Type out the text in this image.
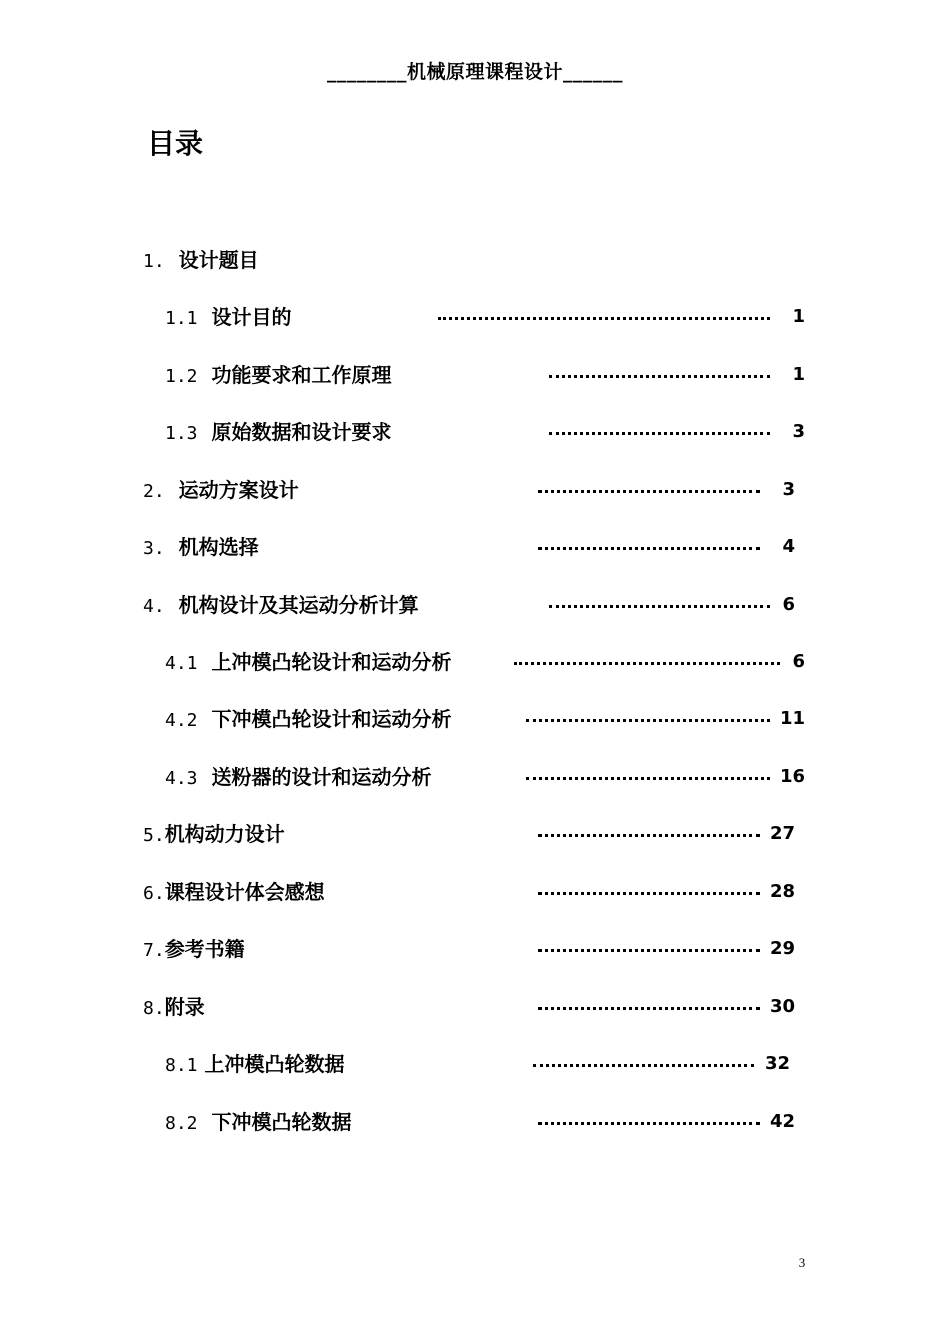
________机械原理课程设计______
目录
1. 设计题目
1.1 设计目的	1
1.2 功能要求和工作原理	1
1.3 原始数据和设计要求	3
2. 运动方案设计	3
3. 机构选择	4
4. 机构设计及其运动分析计算	6
4.1 上冲模凸轮设计和运动分析	6
4.2 下冲模凸轮设计和运动分析	11
4.3 送粉器的设计和运动分析	16
5.机构动力设计	27
6.课程设计体会感想	28
7.参考书籍	29
8.附录	30
8.1 上冲模凸轮数据	32
8.2 下冲模凸轮数据	42
3
